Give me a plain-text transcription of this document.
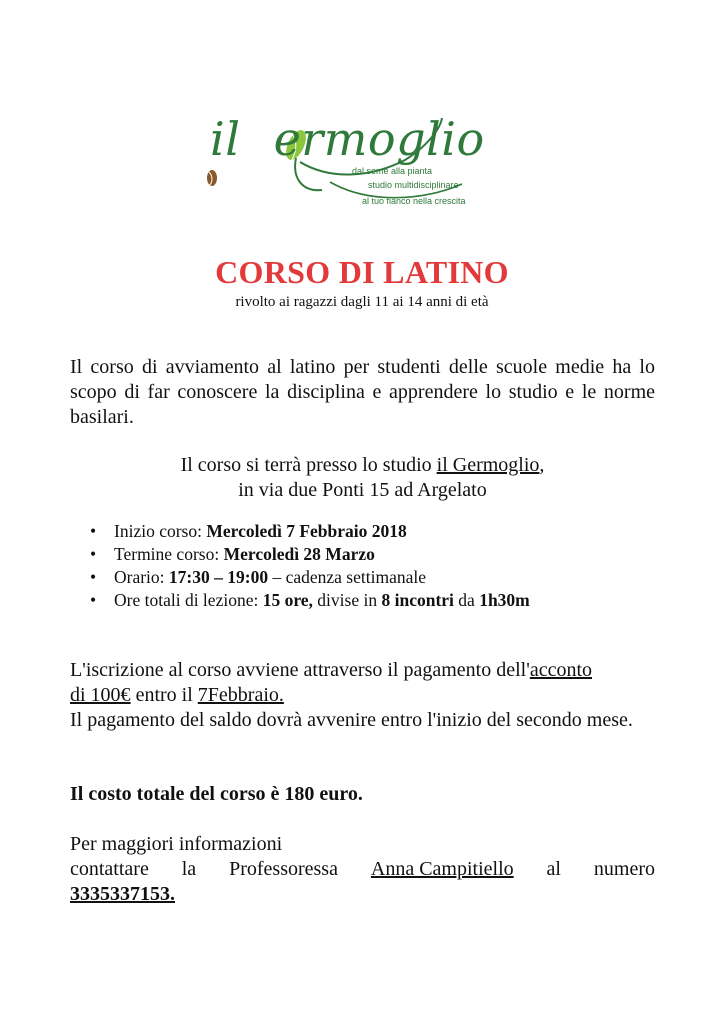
il ermoglio
dal seme alla pianta
studio multidisciplinare
al tuo fianco nella crescita
CORSO DI LATINO
rivolto ai ragazzi dagli 11 ai 14 anni di età
Il corso di avviamento al latino per studenti delle scuole medie ha lo scopo di far conoscere la disciplina e apprendere lo studio e le norme basilari.
Il corso si terrà presso lo studio il Germoglio,
in via due Ponti 15 ad Argelato
• Inizio corso: Mercoledì 7 Febbraio 2018
• Termine corso: Mercoledì 28 Marzo
• Orario: 17:30 – 19:00 – cadenza settimanale
• Ore totali di lezione: 15 ore, divise in 8 incontri da 1h30m
L'iscrizione al corso avviene attraverso il pagamento dell'acconto
di 100€ entro il 7Febbraio.
Il pagamento del saldo dovrà avvenire entro l'inizio del secondo mese.
Il costo totale del corso è 180 euro.
Per maggiori informazioni
contattare la Professoressa Anna Campitiello al numero
3335337153.
